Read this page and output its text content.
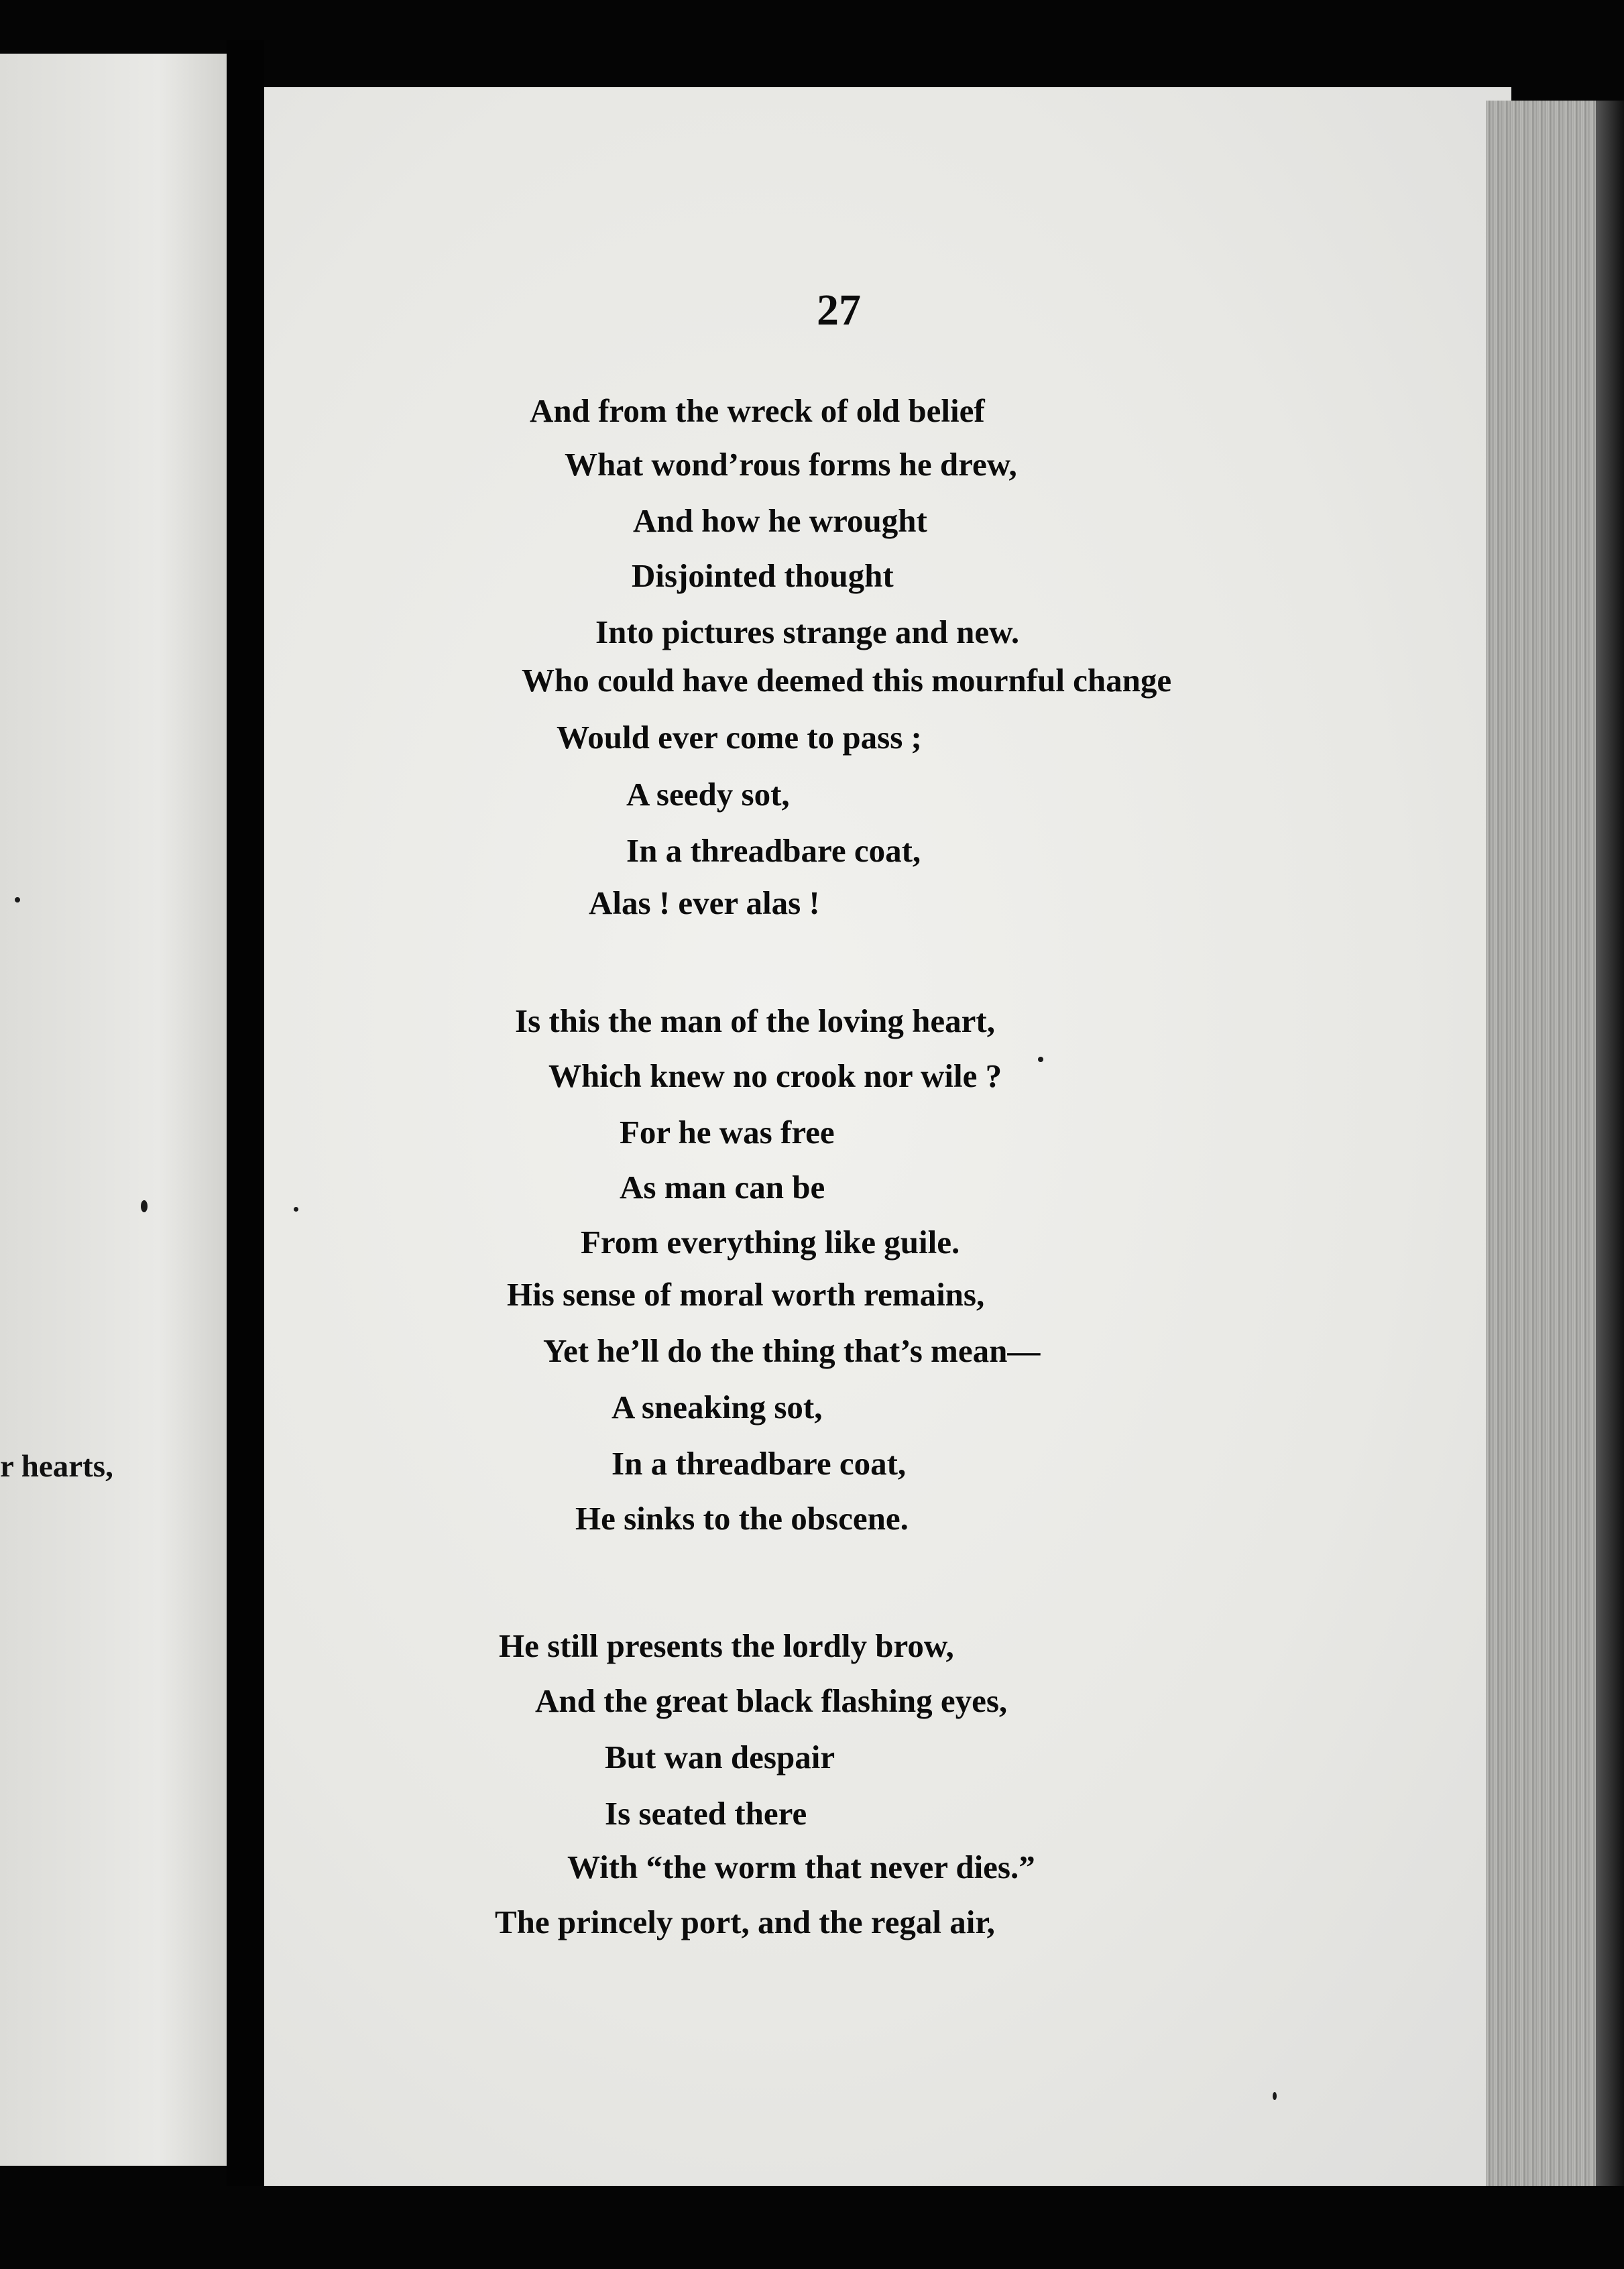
r hearts,
27
And from the wreck of old belief
What wond’rous forms he drew,
And how he wrought
Disjointed thought
Into pictures strange and new.
Who could have deemed this mournful change
Would ever come to pass ;
A seedy sot,
In a threadbare coat,
Alas ! ever alas !
Is this the man of the loving heart,
Which knew no crook nor wile ?
For he was free
As man can be
From everything like guile.
His sense of moral worth remains,
Yet he’ll do the thing that’s mean—
A sneaking sot,
In a threadbare coat,
He sinks to the obscene.
He still presents the lordly brow,
And the great black flashing eyes,
But wan despair
Is seated there
With “the worm that never dies.”
The princely port, and the regal air,
